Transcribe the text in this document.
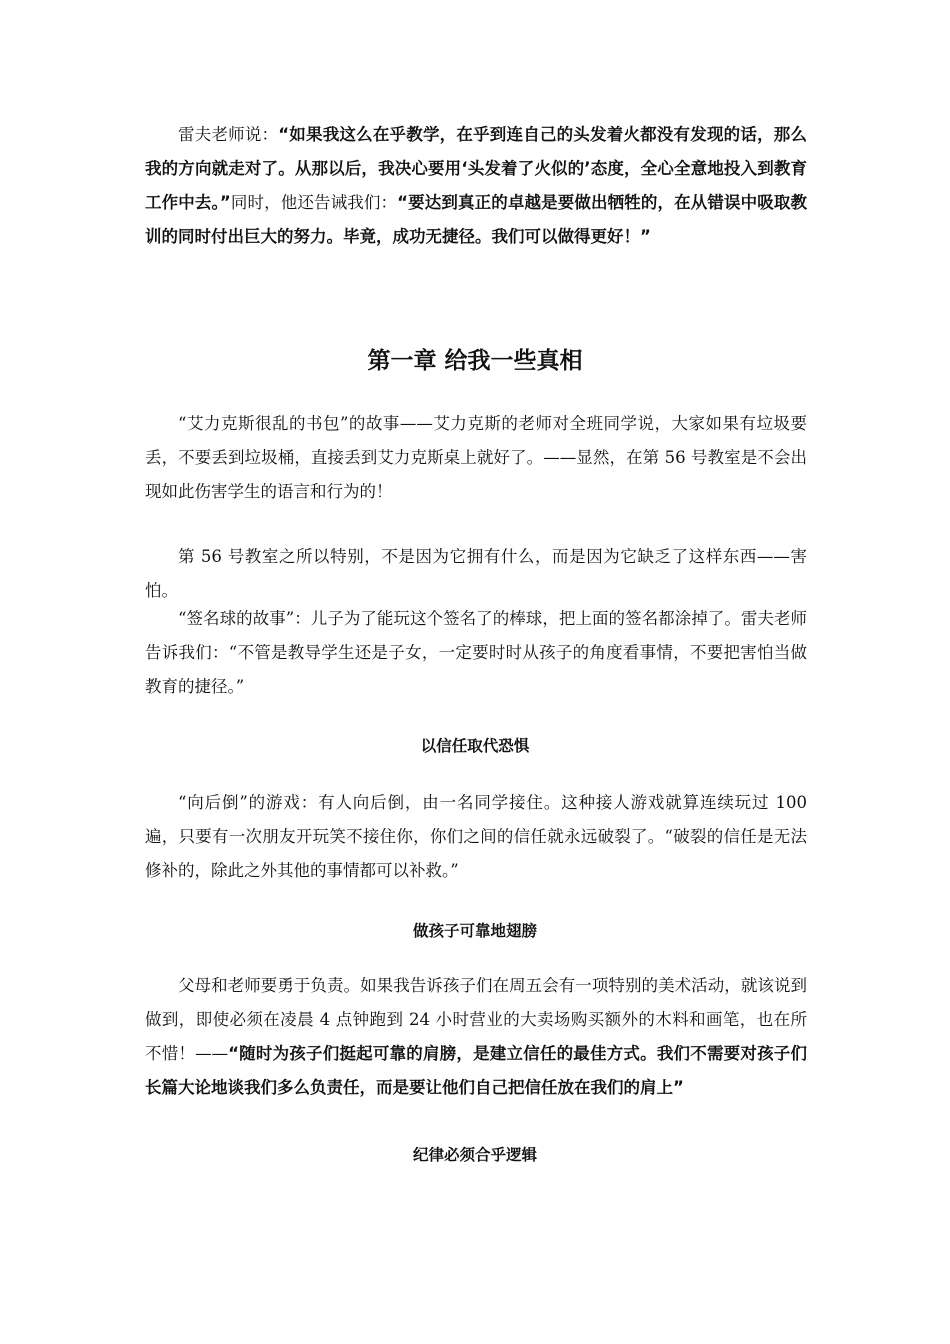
雷夫老师说：“如果我这么在乎教学，在乎到连自己的头发着火都没有发现的话，那么我的方向就走对了。从那以后，我决心要用‘头发着了火似的’态度，全心全意地投入到教育工作中去。”同时，他还告诫我们：“要达到真正的卓越是要做出牺牲的，在从错误中吸取教训的同时付出巨大的努力。毕竟，成功无捷径。我们可以做得更好！”

第一章 给我一些真相

“艾力克斯很乱的书包”的故事——艾力克斯的老师对全班同学说，大家如果有垃圾要丢，不要丢到垃圾桶，直接丢到艾力克斯桌上就好了。——显然，在第 56 号教室是不会出现如此伤害学生的语言和行为的！

第 56 号教室之所以特别，不是因为它拥有什么，而是因为它缺乏了这样东西——害怕。

“签名球的故事”：儿子为了能玩这个签名了的棒球，把上面的签名都涂掉了。雷夫老师告诉我们：“不管是教导学生还是子女，一定要时时从孩子的角度看事情，不要把害怕当做教育的捷径。”

以信任取代恐惧

“向后倒”的游戏：有人向后倒，由一名同学接住。这种接人游戏就算连续玩过 100 遍，只要有一次朋友开玩笑不接住你，你们之间的信任就永远破裂了。“破裂的信任是无法修补的，除此之外其他的事情都可以补救。”

做孩子可靠地翅膀

父母和老师要勇于负责。如果我告诉孩子们在周五会有一项特别的美术活动，就该说到做到，即使必须在凌晨 4 点钟跑到 24 小时营业的大卖场购买额外的木料和画笔，也在所不惜！——“随时为孩子们挺起可靠的肩膀，是建立信任的最佳方式。我们不需要对孩子们长篇大论地谈我们多么负责任，而是要让他们自己把信任放在我们的肩上”

纪律必须合乎逻辑
